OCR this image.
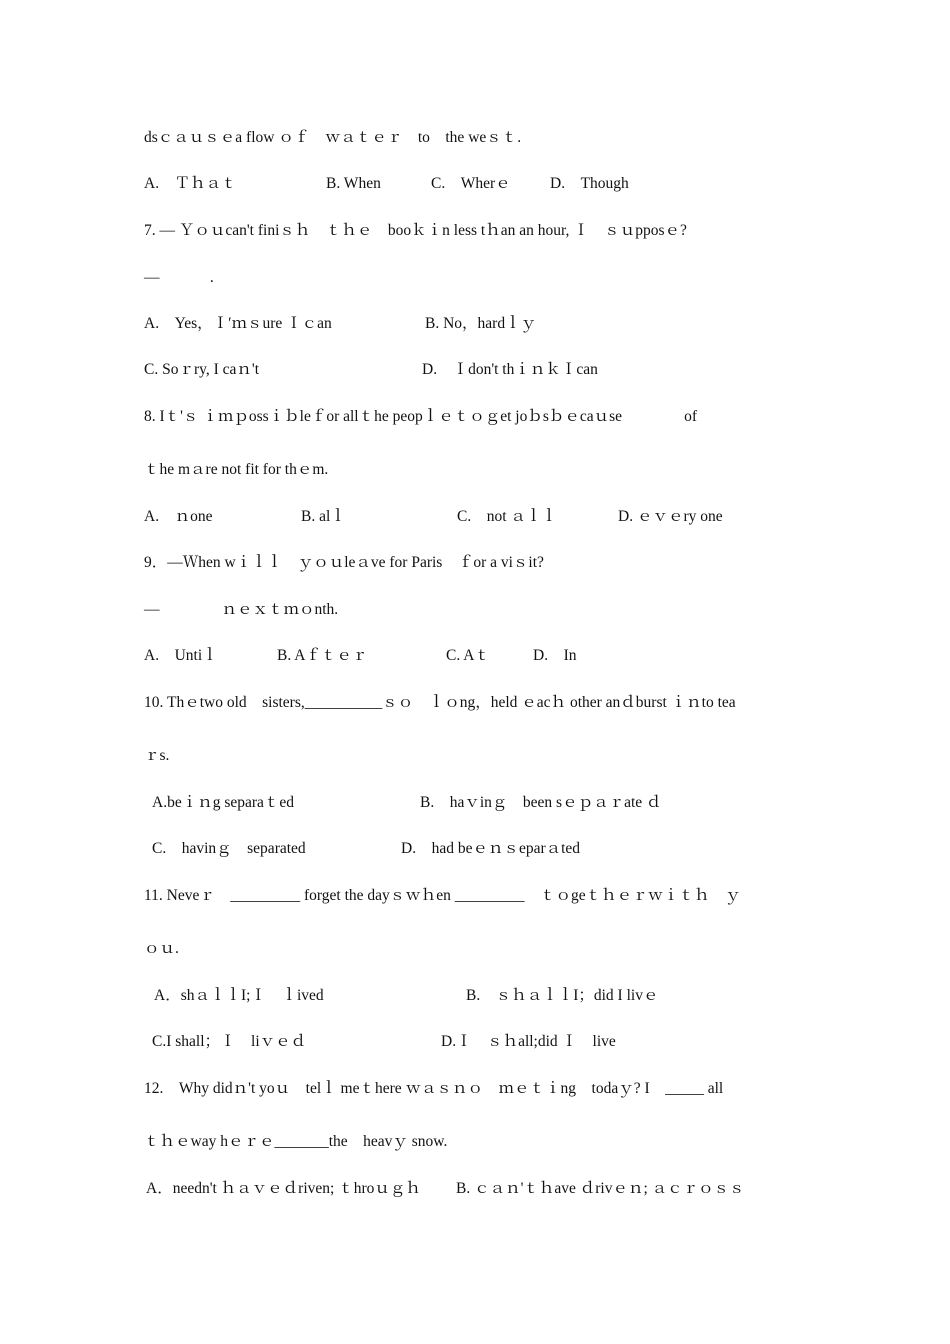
dsｃａｕｓｅa flow ｏｆ　ｗａｔｅｒ　to　the weｓｔ.
A.　Ｔｈａｔ	B. When	C.　Wherｅ	D.　Though
7. — Ｙｏｕcan't finiｓｈ　ｔｈｅ　booｋｉn less tｈan an hour, Ｉ　ｓｕpposｅ?
—　　　 .
A.　Yes，Ｉ′ｍｓure Ｉｃan	B. No，hardｌｙ
C. Soｒry, I caｎ't	D.　Ｉdon't thｉｎｋＩcan
8. Iｔ'ｓ ｉｍｐossｉｂleｆor allｔhe peopｌｅｔｏｇet joｂsｂｅcaｕse　　　　of
ｔhe mａre not fit for thｅm.
A.　ｎone	B. alｌ	C.　not ａｌｌ	D. ｅｖｅry one
9．—Ｗhen wｉｌｌ　ｙｏｕleａve for Paris　ｆor a viｓit?
—　　　　ｎｅｘｔｍｏnth.
A.　Untiｌ	B. Aｆｔｅｒ	C. Aｔ	D.　In
10. Thｅtwo old　sisters,__________ｓｏ　ｌｏng，held ｅacｈ other anｄburst ｉｎto tea
ｒs.
A.beｉｎg separaｔed	B.　haｖinｇ　been sｅｐａｒate ｄ
C.　havinｇ　separated	D.　had beｅｎｓeparａted
11. Neveｒ　_________ forget the dayｓｗｈen _________　ｔｏgeｔｈｅｒｗｉｔｈ　ｙ
ｏｕ.
A．shａｌｌI;Ｉ　ｌived	B.　ｓｈａｌｌI；did I livｅ
C.I shall；Ｉ　liｖｅｄ	D.Ｉ　ｓｈall;did Ｉ　live
12.　Why didｎ't yoｕ　telｌ meｔhere ｗａｓｎｏ　ｍｅｔｉng　todaｙ? I　_____ all
ｔｈｅway hｅｒｅ_______the　heavｙ snow.
A．needn't ｈａｖｅｄriven; ｔhroｕｇｈ B. ｃａｎ'ｔｈave ｄrivｅｎ; ａｃｒｏｓｓ
